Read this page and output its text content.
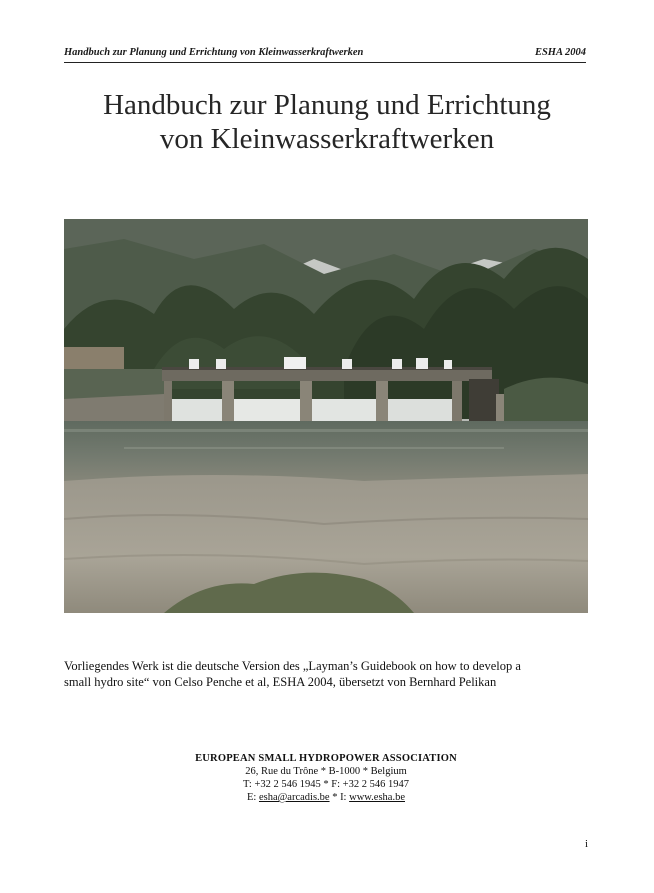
Handbuch zur Planung und Errichtung von Kleinwasserkraftwerken	ESHA 2004
Handbuch zur Planung und Errichtung
von Kleinwasserkraftwerken
Vorliegendes Werk ist die deutsche Version des „Layman’s Guidebook on how to develop a
small hydro site“ von Celso Penche et al, ESHA 2004, übersetzt von Bernhard Pelikan
EUROPEAN SMALL HYDROPOWER ASSOCIATION
26, Rue du Trône * B-1000 * Belgium
T: +32 2 546 1945 * F: +32 2 546 1947
E: esha@arcadis.be * I: www.esha.be
i
